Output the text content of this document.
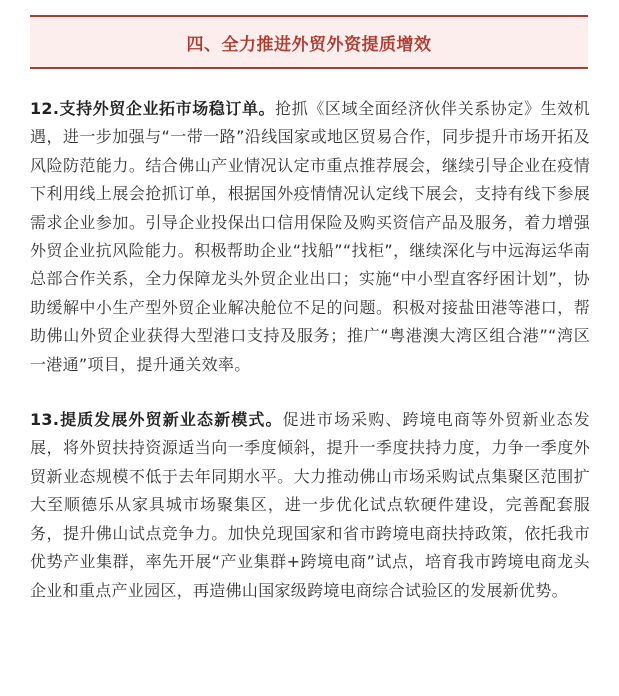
四、全力推进外贸外资提质增效

12.支持外贸企业拓市场稳订单。抢抓《区域全面经济伙伴关系协定》生效机遇，进一步加强与“一带一路”沿线国家或地区贸易合作，同步提升市场开拓及风险防范能力。结合佛山产业情况认定市重点推荐展会，继续引导企业在疫情下利用线上展会抢抓订单，根据国外疫情情况认定线下展会，支持有线下参展需求企业参加。引导企业投保出口信用保险及购买资信产品及服务，着力增强外贸企业抗风险能力。积极帮助企业“找船”“找柜”，继续深化与中远海运华南总部合作关系，全力保障龙头外贸企业出口；实施“中小型直客纾困计划”，协助缓解中小生产型外贸企业解决舱位不足的问题。积极对接盐田港等港口，帮助佛山外贸企业获得大型港口支持及服务；推广“粤港澳大湾区组合港”“湾区一港通”项目，提升通关效率。

13.提质发展外贸新业态新模式。促进市场采购、跨境电商等外贸新业态发展，将外贸扶持资源适当向一季度倾斜，提升一季度扶持力度，力争一季度外贸新业态规模不低于去年同期水平。大力推动佛山市场采购试点集聚区范围扩大至顺德乐从家具城市场聚集区，进一步优化试点软硬件建设，完善配套服务，提升佛山试点竞争力。加快兑现国家和省市跨境电商扶持政策，依托我市优势产业集群，率先开展“产业集群+跨境电商”试点，培育我市跨境电商龙头企业和重点产业园区，再造佛山国家级跨境电商综合试验区的发展新优势。
